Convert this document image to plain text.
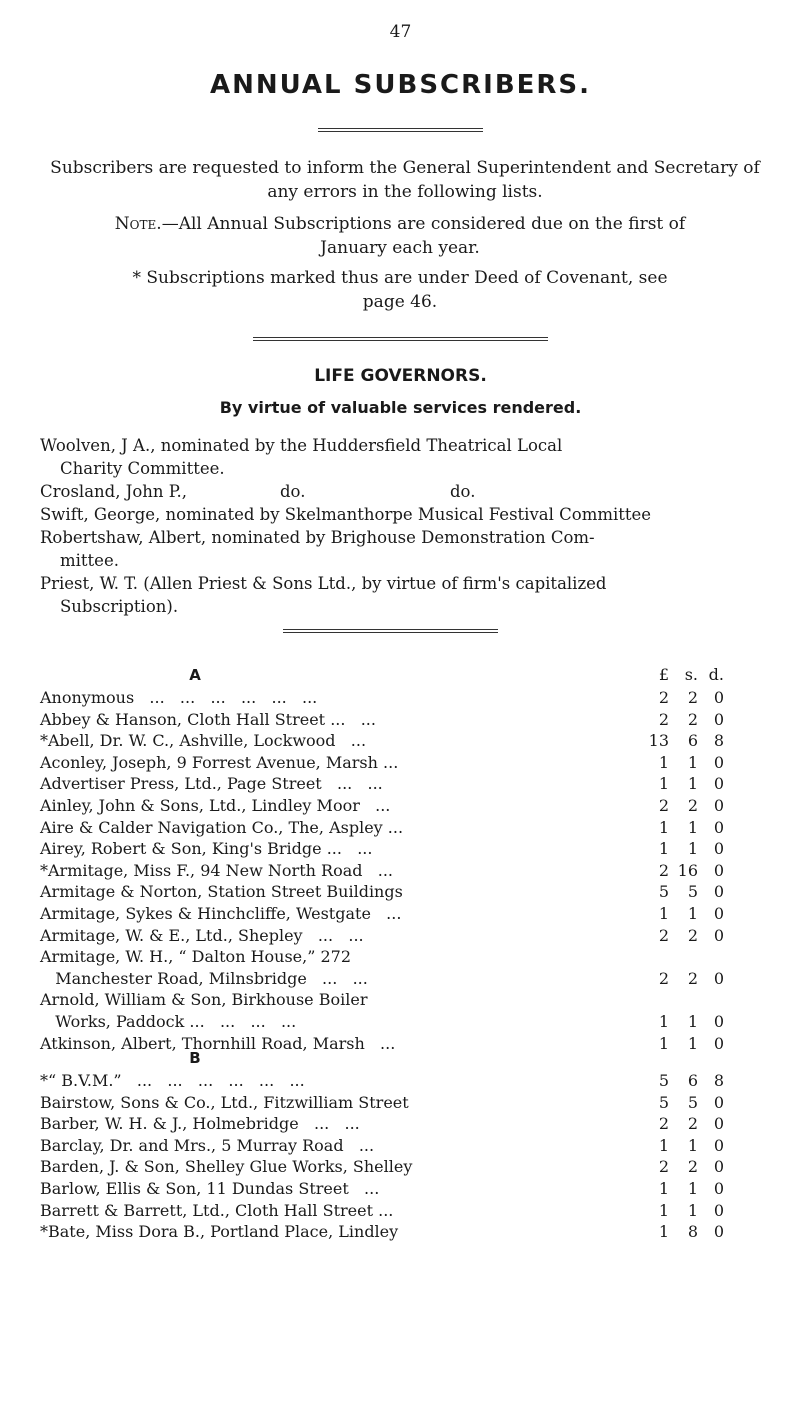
47
ANNUAL SUBSCRIBERS.
Subscribers are requested to inform the General Superintendent and Secretary of any errors in the following lists.
Note.—All Annual Subscriptions are considered due on the first of January each year.
* Subscriptions marked thus are under Deed of Covenant, see page 46.
LIFE GOVERNORS.
By virtue of valuable services rendered.
Woolven, J A., nominated by the Huddersfield Theatrical Local
Charity Committee.
Crosland, John P.,	do.	do.
Swift, George, nominated by Skelmanthorpe Musical Festival Committee
Robertshaw, Albert, nominated by Brighouse Demonstration Com-
mittee.
Priest, W. T. (Allen Priest & Sons Ltd., by virtue of firm's capitalized
Subscription).
A	£ s. d.
Anonymous   ...   ...   ...   ...   ...   ...	2	2 0
Abbey & Hanson, Cloth Hall Street ...   ...	2	2 0
*Abell, Dr. W. C., Ashville, Lockwood   ...	13	6 8
Aconley, Joseph, 9 Forrest Avenue, Marsh ...	1	1 0
Advertiser Press, Ltd., Page Street   ...   ...	1	1 0
Ainley, John & Sons, Ltd., Lindley Moor   ...	2	2 0
Aire & Calder Navigation Co., The, Aspley ...	1	1 0
Airey, Robert & Son, King's Bridge ...   ...	1	1 0
*Armitage, Miss F., 94 New North Road   ...	2 16 0
Armitage & Norton, Station Street Buildings	5	5 0
Armitage, Sykes & Hinchcliffe, Westgate   ...	1	1 0
Armitage, W. & E., Ltd., Shepley   ...   ...	2	2 0
Armitage, W. H., “ Dalton House,” 272
Manchester Road, Milnsbridge   ...   ...	2	2 0
Arnold, William & Son, Birkhouse Boiler
Works, Paddock ...   ...   ...   ...	1	1 0
Atkinson, Albert, Thornhill Road, Marsh   ...	1	1 0
B
*“ B.V.M.”   ...   ...   ...   ...   ...   ...	5	6 8
Bairstow, Sons & Co., Ltd., Fitzwilliam Street	5	5 0
Barber, W. H. & J., Holmebridge   ...   ...	2	2 0
Barclay, Dr. and Mrs., 5 Murray Road   ...	1	1 0
Barden, J. & Son, Shelley Glue Works, Shelley	2	2 0
Barlow, Ellis & Son, 11 Dundas Street   ...	1	1 0
Barrett & Barrett, Ltd., Cloth Hall Street ...	1	1 0
*Bate, Miss Dora B., Portland Place, Lindley	1	8 0
